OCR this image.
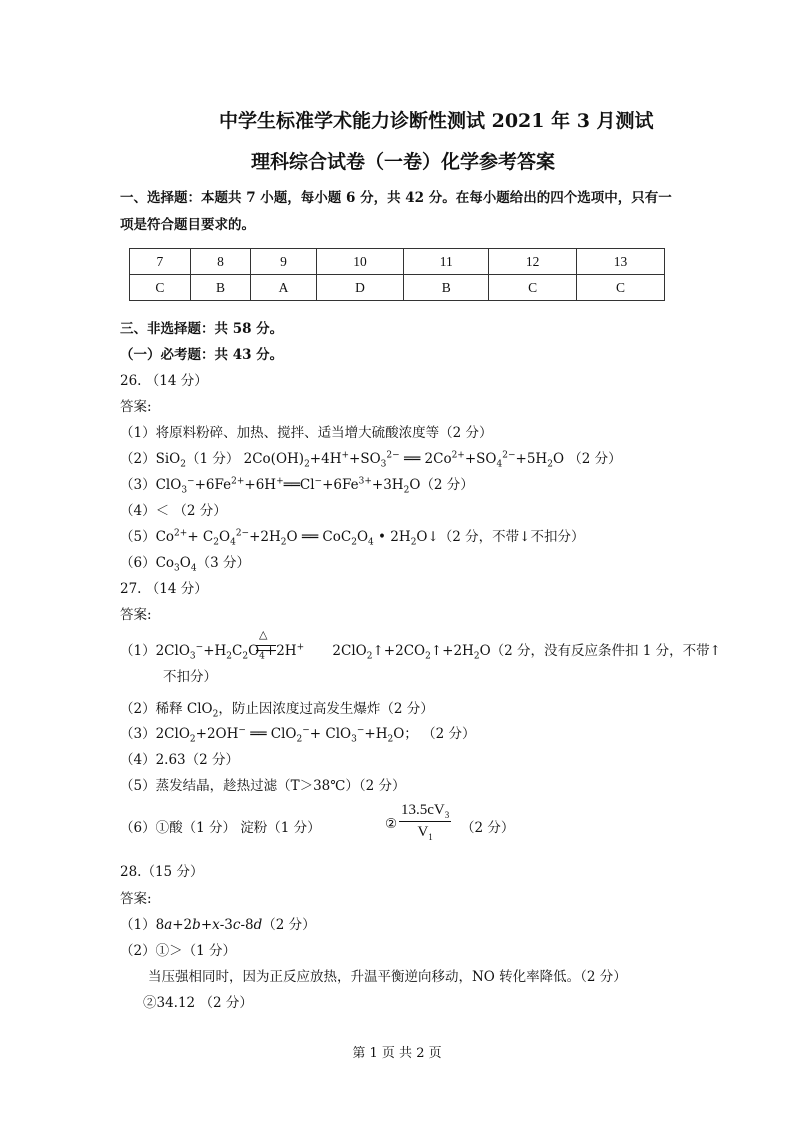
中学生标准学术能力诊断性测试 2021 年 3 月测试
理科综合试卷（一卷）化学参考答案
一、选择题：本题共 7 小题，每小题 6 分，共 42 分。在每小题给出的四个选项中，只有一
项是符合题目要求的。
7	8	9	10	11	12	13
C	B	A	D	B	C	C
三、非选择题：共 58 分。
（一）必考题：共 43 分。
26. （14 分）
答案:
（1）将原料粉碎、加热、搅拌、适当增大硫酸浓度等（2 分）
（2）SiO$_2$（1 分） $2Co(OH)_2+4H^++SO_3^{2-}$ ══ $2Co^{2+}+SO_4^{2-}+5H_2O$ （2 分）
$(3)ClO_3^-+6Fe^{2+}+6H^+══Cl^-+6Fe^{3+}+3H_2O(2$ 分）
（4）＜ （2 分）
$(5)Co^{2+}+ C_2O_4^{2-}+2H_2O$ ══ $CoC_2O_4$ • $2H_2O↓(2$ 分，不带↓不扣分）
$(6)Co_3O_4(3$ 分）
27. （14 分）
答案:
△
$(1)2ClO_3^-+H_2C_2O_4+2H^+$ $2ClO_2↑+2CO_2↑+2H_2O(2$ 分，没有反应条件扣 1 分，不带↑
不扣分）
（2）稀释 ClO$_2$，防止因浓度过高发生爆炸（2 分）
（3）2ClO$_2$+2OH− ══ $ClO_2^-+ ClO_3^-+H_2O$； （2 分）
（4）2.63（2 分）
（5）蒸发结晶，趁热过滤（T＞38℃）（2 分）
（6）①酸（1 分） 淀粉（1 分）	② $\frac{13.5cV_3}{V_1} (2$ 分）
28.（15 分）
答案:
（1）8a+2b+x-3c-8d（2 分）
（2）①＞（1 分）
当压强相同时，因为正反应放热，升温平衡逆向移动，NO 转化率降低。（2 分）
②34.12 （2 分）
第 1 页 共 2 页
